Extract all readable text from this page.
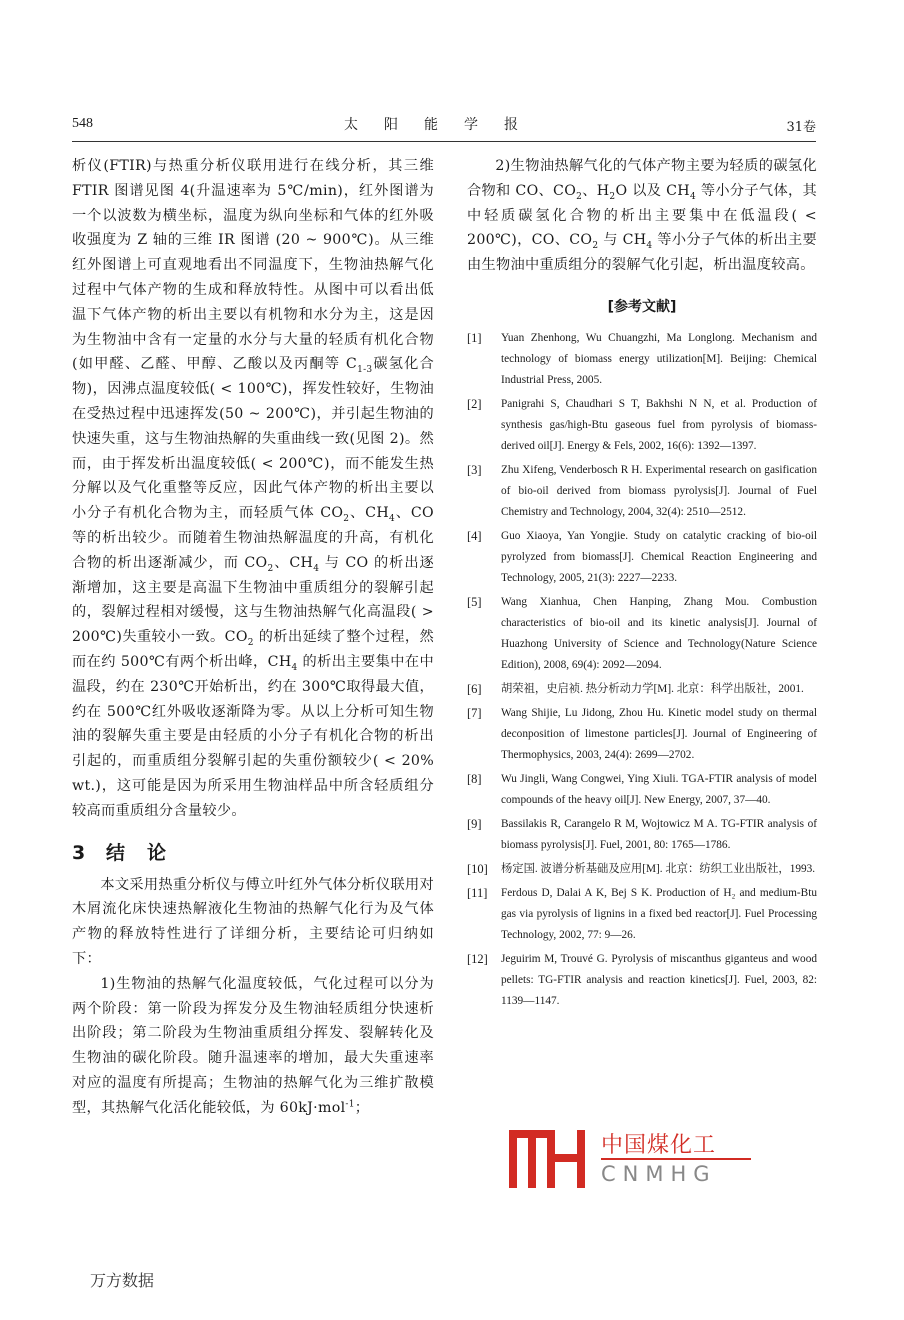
548	太阳能学报	31卷

析仪(FTIR)与热重分析仪联用进行在线分析，其三维 FTIR 图谱见图 4(升温速率为 5℃/min)，红外图谱为一个以波数为横坐标，温度为纵向坐标和气体的红外吸收强度为 Z 轴的三维 IR 图谱 (20 ~ 900℃)。从三维红外图谱上可直观地看出不同温度下，生物油热解气化过程中气体产物的生成和释放特性。从图中可以看出低温下气体产物的析出主要以有机物和水分为主，这是因为生物油中含有一定量的水分与大量的轻质有机化合物(如甲醛、乙醛、甲醇、乙酸以及丙酮等 $C_{1-3}$碳氢化合物)，因沸点温度较低( < 100℃)，挥发性较好，生物油在受热过程中迅速挥发(50 ~ 200℃)，并引起生物油的快速失重，这与生物油热解的失重曲线一致(见图 2)。然而，由于挥发析出温度较低( < 200℃)，而不能发生热分解以及气化重整等反应，因此气体产物的析出主要以小分子有机化合物为主，而轻质气体 $CO_2$、$CH_4$、CO 等的析出较少。而随着生物油热解温度的升高，有机化合物的析出逐渐减少，而 $CO_2$、$CH_4$ 与 CO 的析出逐渐增加，这主要是高温下生物油中重质组分的裂解引起的，裂解过程相对缓慢，这与生物油热解气化高温段( > 200℃)失重较小一致。$CO_2$ 的析出延续了整个过程，然而在约 500℃有两个析出峰，$CH_4$ 的析出主要集中在中温段，约在 230℃开始析出，约在 300℃取得最大值，约在 500℃红外吸收逐渐降为零。从以上分析可知生物油的裂解失重主要是由轻质的小分子有机化合物的析出引起的，而重质组分裂解引起的失重份额较少( < 20% wt.)，这可能是因为所采用生物油样品中所含轻质组分较高而重质组分含量较少。

3 结论

本文采用热重分析仪与傅立叶红外气体分析仪联用对木屑流化床快速热解液化生物油的热解气化行为及气体产物的释放特性进行了详细分析，主要结论可归纳如下：

1)生物油的热解气化温度较低，气化过程可以分为两个阶段：第一阶段为挥发分及生物油轻质组分快速析出阶段；第二阶段为生物油重质组分挥发、裂解转化及生物油的碳化阶段。随升温速率的增加，最大失重速率对应的温度有所提高；生物油的热解气化为三维扩散模型，其热解气化活化能较低，为 60kJ·mol$^{-1}$；

2)生物油热解气化的气体产物主要为轻质的碳氢化合物和 CO、$CO_2$、$H_2O$ 以及 $CH_4$ 等小分子气体，其中轻质碳氢化合物的析出主要集中在低温段( < 200℃)，CO、$CO_2$ 与 $CH_4$ 等小分子气体的析出主要由生物油中重质组分的裂解气化引起，析出温度较高。

[参考文献]

[1] Yuan Zhenhong, Wu Chuangzhi, Ma Longlong. Mechanism and technology of biomass energy utilization[M]. Beijing: Chemical Industrial Press, 2005.

[2] Panigrahi S, Chaudhari S T, Bakhshi N N, et al. Production of synthesis gas/high-Btu gaseous fuel from pyrolysis of biomass-derived oil[J]. Energy & Fels, 2002, 16(6): 1392—1397.

[3] Zhu Xifeng, Venderbosch R H. Experimental research on gasification of bio-oil derived from biomass pyrolysis[J]. Journal of Fuel Chemistry and Technology, 2004, 32(4): 2510—2512.

[4] Guo Xiaoya, Yan Yongjie. Study on catalytic cracking of bio-oil pyrolyzed from biomass[J]. Chemical Reaction Engineering and Technology, 2005, 21(3): 2227—2233.

[5] Wang Xianhua, Chen Hanping, Zhang Mou. Combustion characteristics of bio-oil and its kinetic analysis[J]. Journal of Huazhong University of Science and Technology(Nature Science Edition), 2008, 69(4): 2092—2094.

[6] 胡荣祖，史启祯. 热分析动力学[M]. 北京：科学出版社，2001.

[7] Wang Shijie, Lu Jidong, Zhou Hu. Kinetic model study on thermal deconposition of limestone particles[J]. Journal of Engineering of Thermophysics, 2003, 24(4): 2699—2702.

[8] Wu Jingli, Wang Congwei, Ying Xiuli. TGA-FTIR analysis of model compounds of the heavy oil[J]. New Energy, 2007, 37—40.

[9] Bassilakis R, Carangelo R M, Wojtowicz M A. TG-FTIR analysis of biomass pyrolysis[J]. Fuel, 2001, 80: 1765—1786.

[10] 杨定国. 波谱分析基础及应用[M]. 北京：纺织工业出版社，1993.

[11] Ferdous D, Dalai A K, Bej S K. Production of H₂ and medium-Btu gas via pyrolysis of lignins in a fixed bed reactor[J]. Fuel Processing Technology, 2002, 77: 9—26.

[12] Jeguirim M, Trouvé G. Pyrolysis of miscanthus giganteus and wood pellets: TG-FTIR analysis and reaction kinetics[J]. Fuel, 2003, 82: 1139—1147.

中国煤化工
CNMHG
万方数据
